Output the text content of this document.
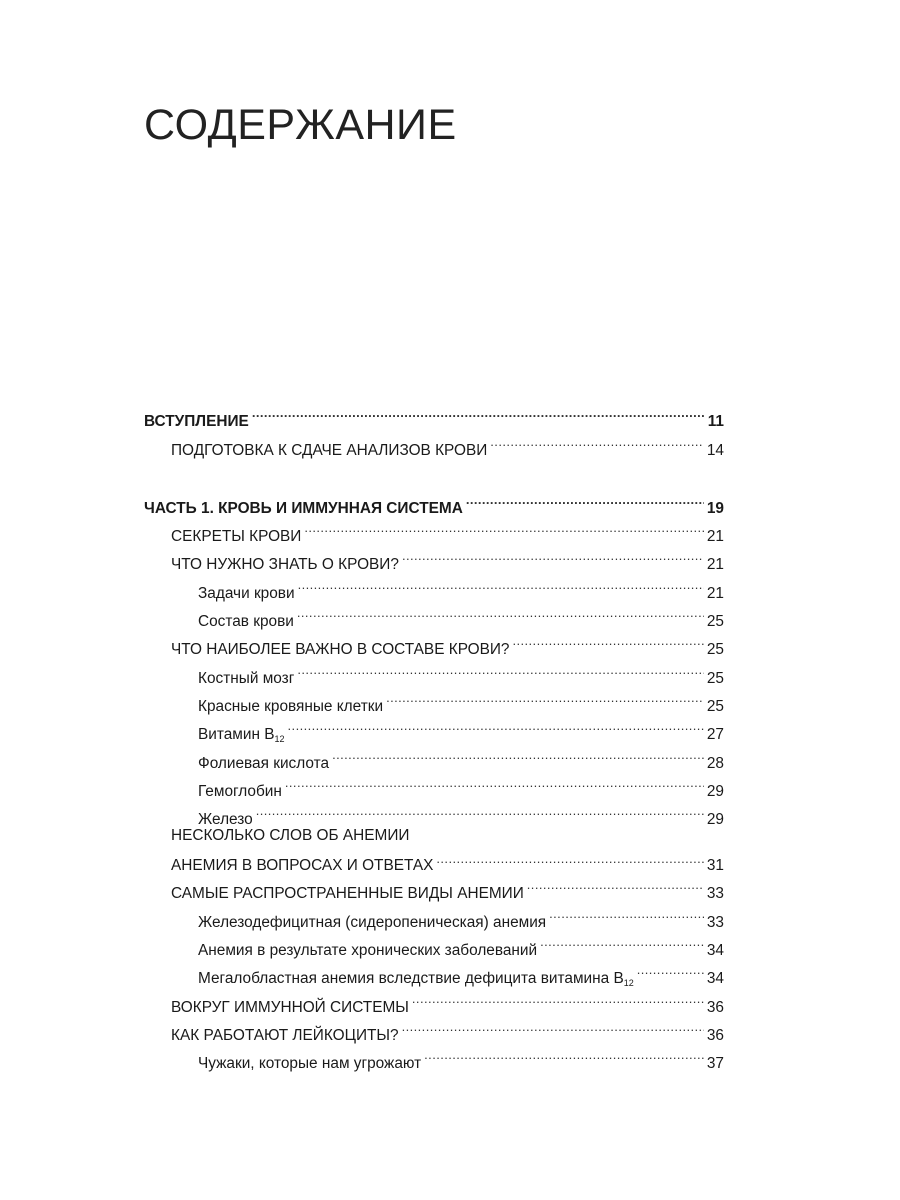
СОДЕРЖАНИЕ
ВСТУПЛЕНИЕ .....	11
ПОДГОТОВКА К СДАЧЕ АНАЛИЗОВ КРОВИ .....	14
ЧАСТЬ 1. КРОВЬ И ИММУННАЯ СИСТЕМА .....	19
СЕКРЕТЫ КРОВИ .....	21
ЧТО НУЖНО ЗНАТЬ О КРОВИ? .....	21
Задачи крови .....	21
Состав крови .....	25
ЧТО НАИБОЛЕЕ ВАЖНО В СОСТАВЕ КРОВИ? .....	25
Костный мозг .....	25
Красные кровяные клетки .....	25
Витамин $В_{12}$ .....	27
Фолиевая кислота .....	28
Гемоглобин .....	29
Железо .....	29
НЕСКОЛЬКО СЛОВ ОБ АНЕМИИ
АНЕМИЯ В ВОПРОСАХ И ОТВЕТАХ .....	31
САМЫЕ РАСПРОСТРАНЕННЫЕ ВИДЫ АНЕМИИ .....	33
Железодефицитная (сидеропеническая) анемия .....	33
Анемия в результате хронических заболеваний .....	34
Мегалобластная анемия вследствие дефицита витамина $В_{12}$ .....	34
ВОКРУГ ИММУННОЙ СИСТЕМЫ .....	36
КАК РАБОТАЮТ ЛЕЙКОЦИТЫ? .....	36
Чужаки, которые нам угрожают .....	37
